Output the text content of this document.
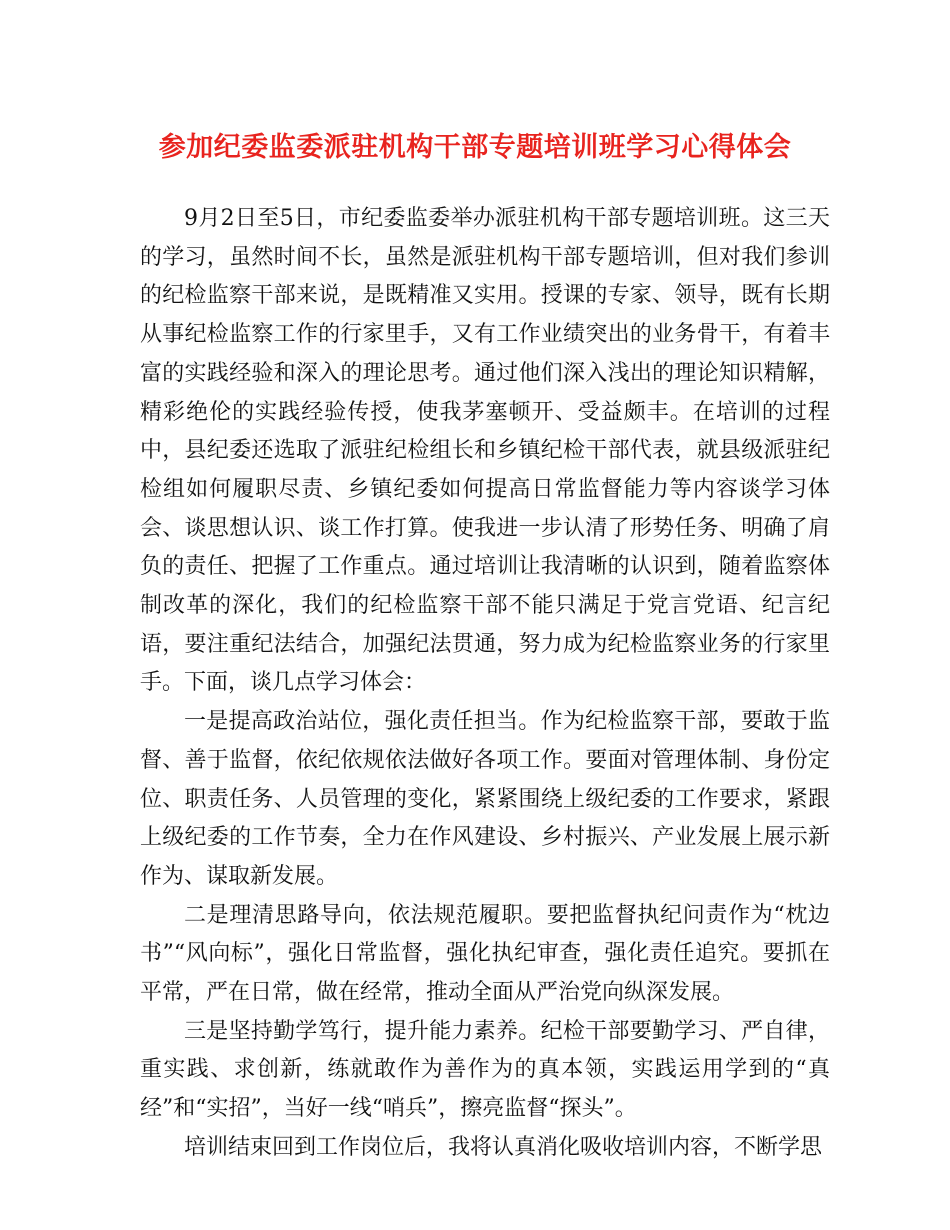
参加纪委监委派驻机构干部专题培训班学习心得体会

9月2日至5日，市纪委监委举办派驻机构干部专题培训班。这三天的学习，虽然时间不长，虽然是派驻机构干部专题培训，但对我们参训的纪检监察干部来说，是既精准又实用。授课的专家、领导，既有长期从事纪检监察工作的行家里手，又有工作业绩突出的业务骨干，有着丰富的实践经验和深入的理论思考。通过他们深入浅出的理论知识精解，精彩绝伦的实践经验传授，使我茅塞顿开、受益颇丰。在培训的过程中，县纪委还选取了派驻纪检组长和乡镇纪检干部代表，就县级派驻纪检组如何履职尽责、乡镇纪委如何提高日常监督能力等内容谈学习体会、谈思想认识、谈工作打算。使我进一步认清了形势任务、明确了肩负的责任、把握了工作重点。通过培训让我清晰的认识到，随着监察体制改革的深化，我们的纪检监察干部不能只满足于党言党语、纪言纪语，要注重纪法结合，加强纪法贯通，努力成为纪检监察业务的行家里手。下面，谈几点学习体会：

一是提高政治站位，强化责任担当。作为纪检监察干部，要敢于监督、善于监督，依纪依规依法做好各项工作。要面对管理体制、身份定位、职责任务、人员管理的变化，紧紧围绕上级纪委的工作要求，紧跟上级纪委的工作节奏，全力在作风建设、乡村振兴、产业发展上展示新作为、谋取新发展。

二是理清思路导向，依法规范履职。要把监督执纪问责作为“枕边书”“风向标”，强化日常监督，强化执纪审查，强化责任追究。要抓在平常，严在日常，做在经常，推动全面从严治党向纵深发展。

三是坚持勤学笃行，提升能力素养。纪检干部要勤学习、严自律，重实践、求创新，练就敢作为善作为的真本领，实践运用学到的“真经”和“实招”，当好一线“哨兵”，擦亮监督“探头”。

培训结束回到工作岗位后，我将认真消化吸收培训内容，不断学思
